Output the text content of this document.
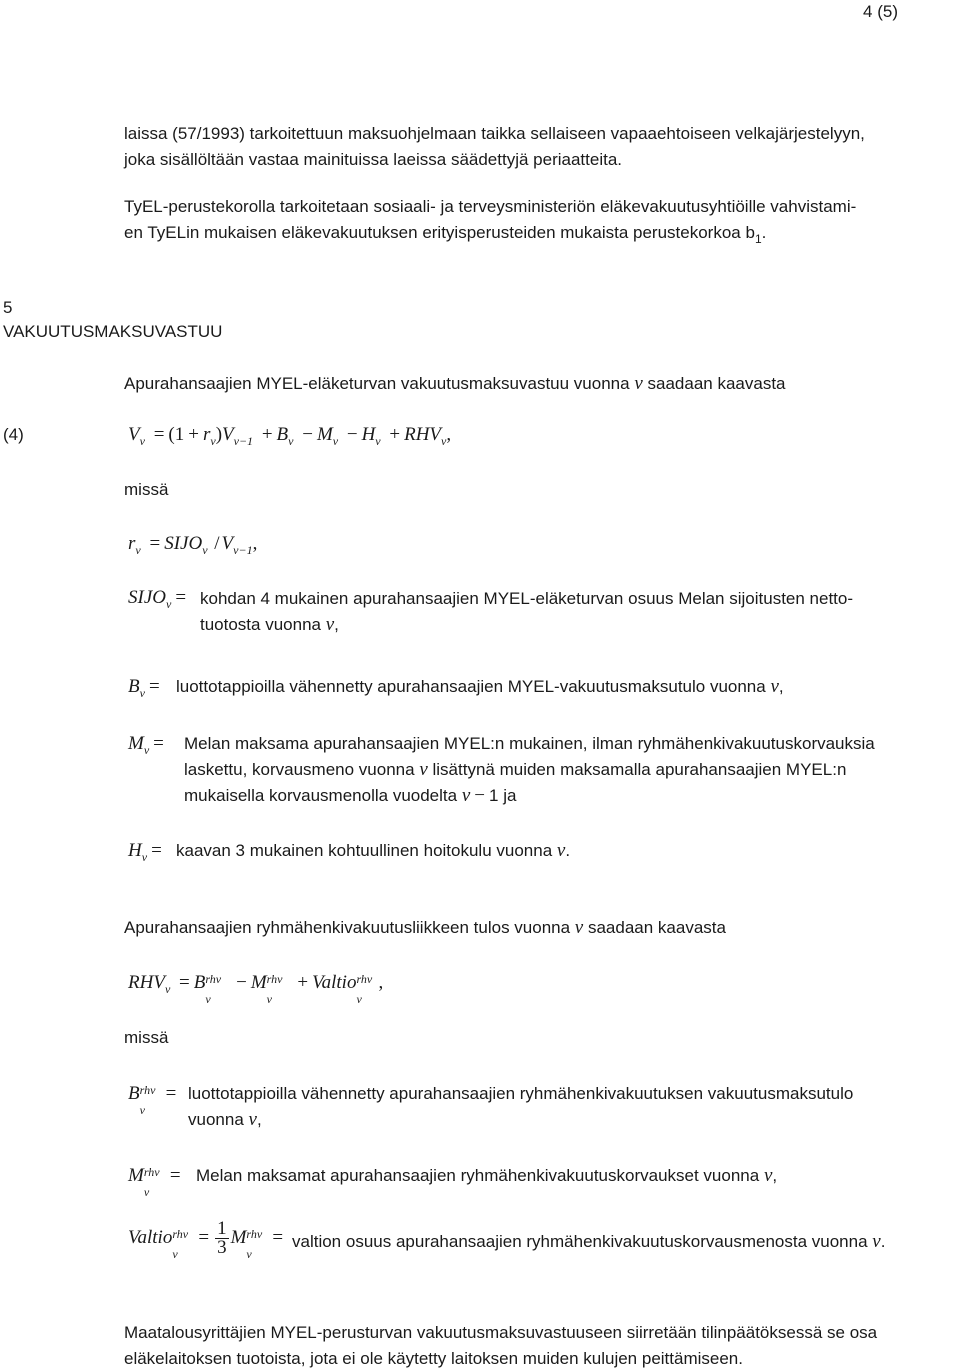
4 (5)
laissa (57/1993) tarkoitettuun maksuohjelmaan taikka sellaiseen vapaaehtoiseen velkajärjestelyyn,
joka sisällöltään vastaa mainituissa laeissa säädettyjä periaatteita.
TyEL-perustekorolla tarkoitetaan sosiaali- ja terveysministeriön eläkevakuutusyhtiöille vahvistami-
en TyELin mukaisen eläkevakuutuksen erityisperusteiden mukaista perustekorkoa $b_1$.
5
VAKUUTUSMAKSUVASTUU
Apurahansaajien MYEL-eläketurvan vakuutusmaksuvastuu vuonna v saadaan kaavasta
(4)	$V_v = (1 + r_v)V_{v-1} + B_v - M_v - H_v + RHV_v$,
missä
$r_v$ = $SIJO_v / V_{v-1}$,
$SIJO_v$ = kohdan 4 mukainen apurahansaajien MYEL-eläketurvan osuus Melan sijoitusten netto-
tuotosta vuonna v,
$B_v$ = luottotappioilla vähennetty apurahansaajien MYEL-vakuutusmaksutulo vuonna v,
$M_v$ = Melan maksama apurahansaajien MYEL:n mukainen, ilman ryhmähenkivakuutuskorvauksia
laskettu, korvausmeno vuonna v lisättynä muiden maksamalla apurahansaajien MYEL:n
mukaisella korvausmenolla vuodelta v − 1 ja
$H_v$ = kaavan 3 mukainen kohtuullinen hoitokulu vuonna v.
Apurahansaajien ryhmähenkivakuutusliikkeen tulos vuonna v saadaan kaavasta
$RHV_v = B$ rhv
v
− M rhv
v
+ Valtio rhv
v
,
missä
B rhv
v
= luottotappioilla vähennetty apurahansaajien ryhmähenkivakuutuksen vakuutusmaksutulo
vuonna v,
M rhv
v
= Melan maksamat apurahansaajien ryhmähenkivakuutuskorvaukset vuonna v,
Valtio rhv
v
= $\frac{1}{3}$ M rhv
v
= valtion osuus apurahansaajien ryhmähenkivakuutuskorvausmenosta vuonna v.
Maatalousyrittäjien MYEL-perusturvan vakuutusmaksuvastuuseen siirretään tilinpäätöksessä se osa
eläkelaitoksen tuotoista, jota ei ole käytetty laitoksen muiden kulujen peittämiseen.
